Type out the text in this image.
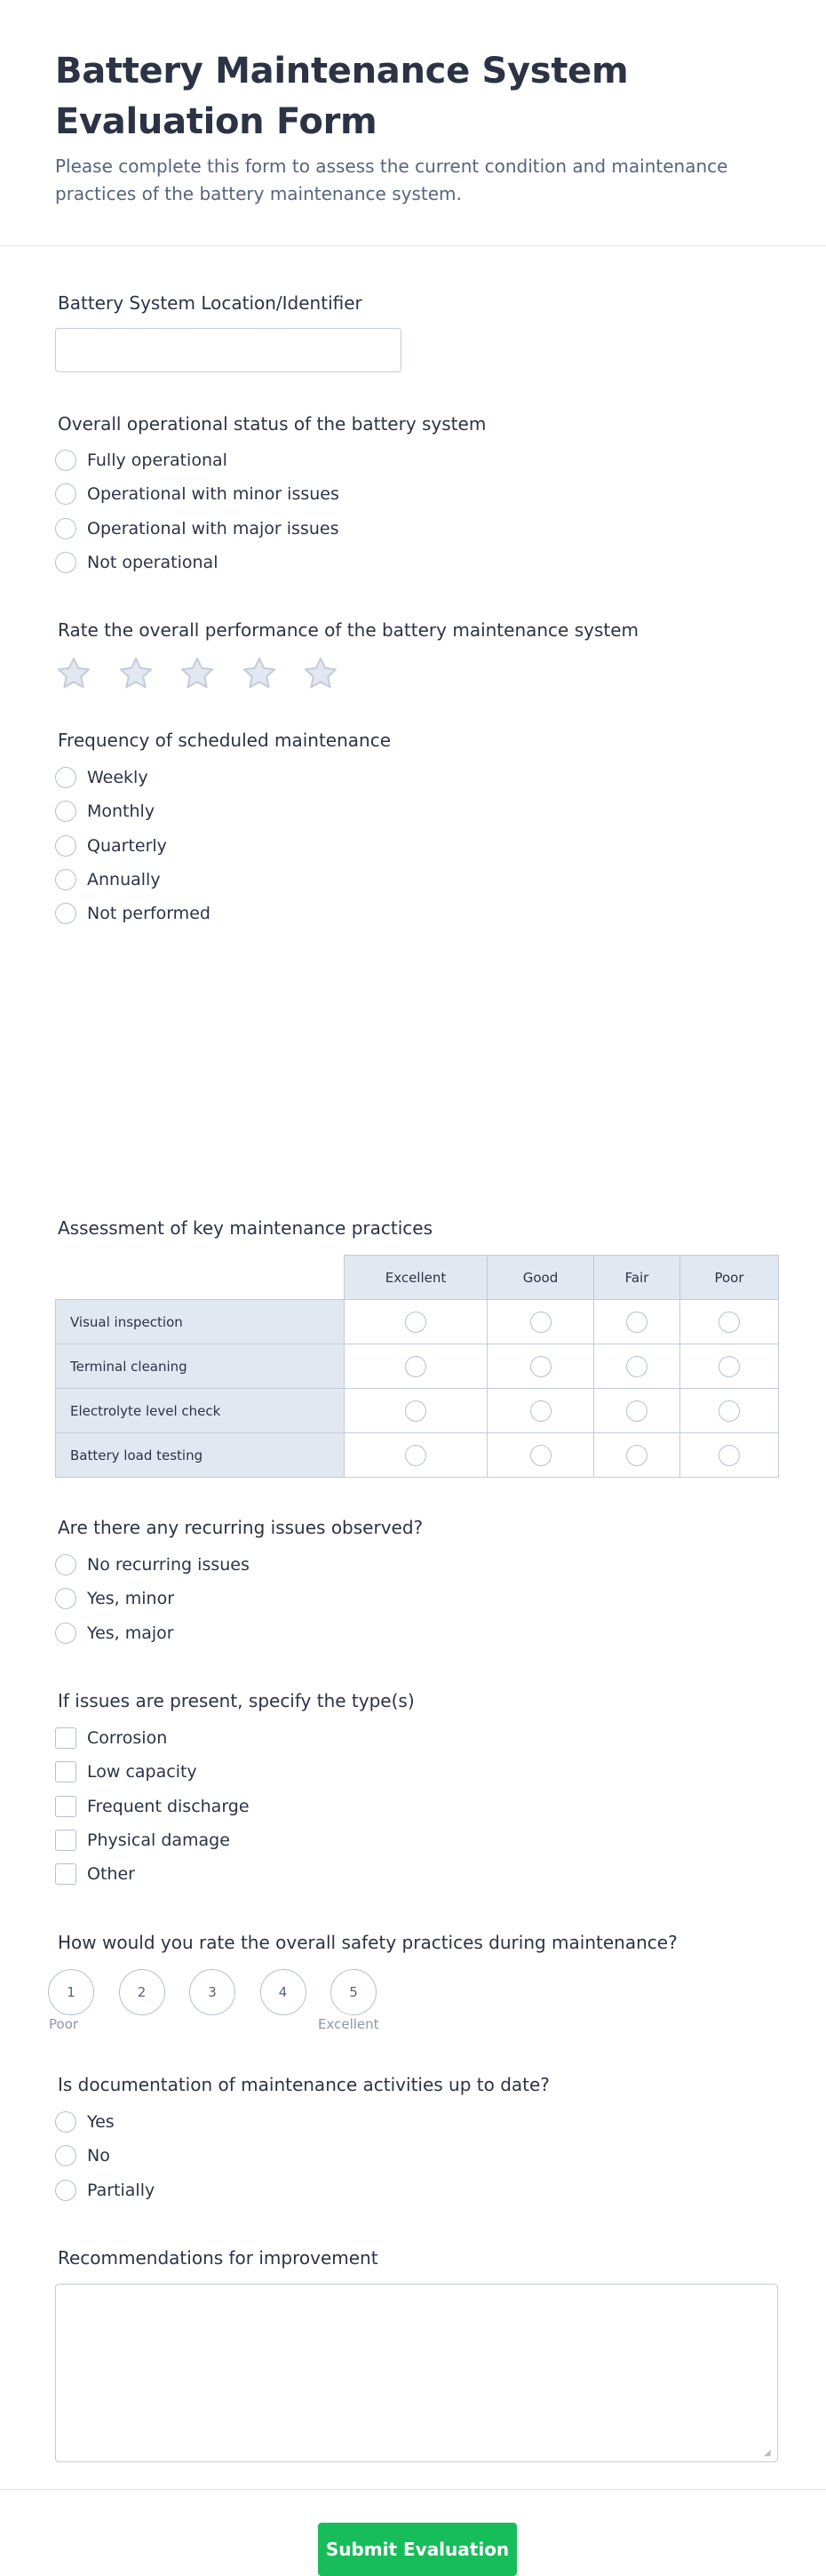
Battery Maintenance System Evaluation Form

Please complete this form to assess the current condition and maintenance practices of the battery maintenance system.

Battery System Location/Identifier
Overall operational status of the battery system
Fully operational
Operational with minor issues
Operational with major issues
Not operational
Rate the overall performance of the battery maintenance system
Frequency of scheduled maintenance
Weekly
Monthly
Quarterly
Annually
Not performed
Assessment of key maintenance practices
	Excellent	Good	Fair	Poor
Visual inspection				
Terminal cleaning				
Electrolyte level check				
Battery load testing				
Are there any recurring issues observed?
No recurring issues
Yes, minor
Yes, major
If issues are present, specify the type(s)
Corrosion
Low capacity
Frequent discharge
Physical damage
Other
How would you rate the overall safety practices during maintenance?
1	2	3	4	5
Poor	Excellent
Is documentation of maintenance activities up to date?
Yes
No
Partially
Recommendations for improvement
◢
Submit Evaluation
